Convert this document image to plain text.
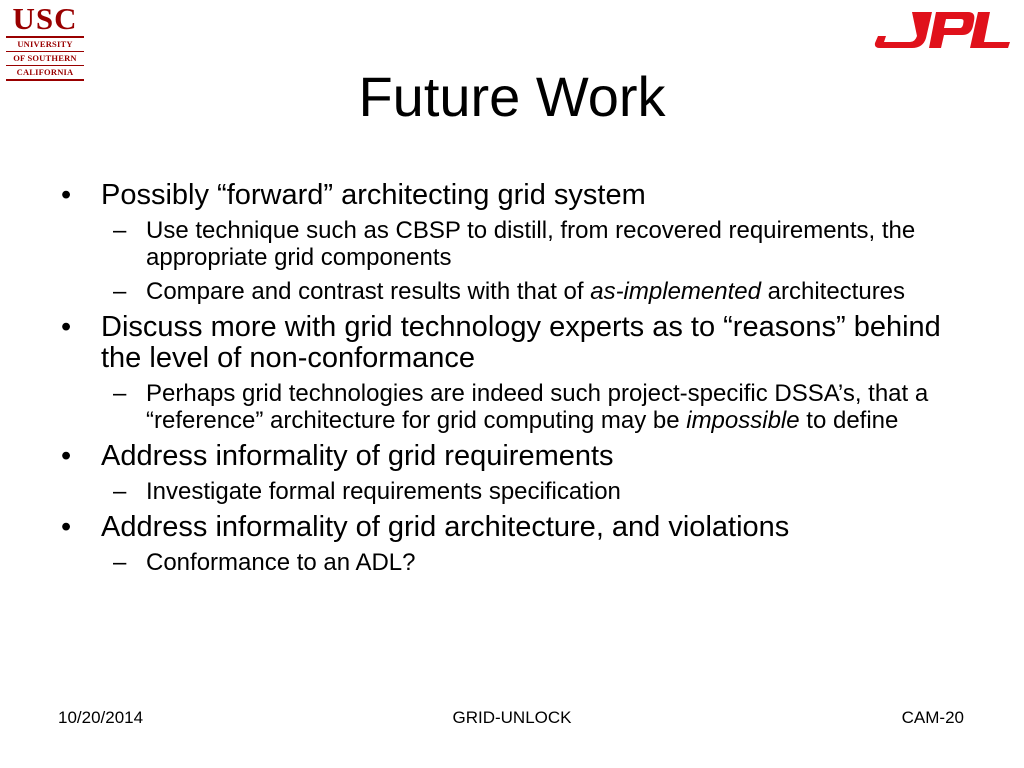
USC
UNIVERSITY
OF SOUTHERN
CALIFORNIA	Future Work
• Possibly “forward” architecting grid system
– Use technique such as CBSP to distill, from recovered requirements, the appropriate grid components
– Compare and contrast results with that of as-implemented architectures
• Discuss more with grid technology experts as to “reasons” behind the level of non-conformance
– Perhaps grid technologies are indeed such project-specific DSSA’s, that a “reference” architecture for grid computing may be impossible to define
• Address informality of grid requirements
– Investigate formal requirements specification
• Address informality of grid architecture, and violations
– Conformance to an ADL?
10/20/2014	GRID-UNLOCK	CAM-20
